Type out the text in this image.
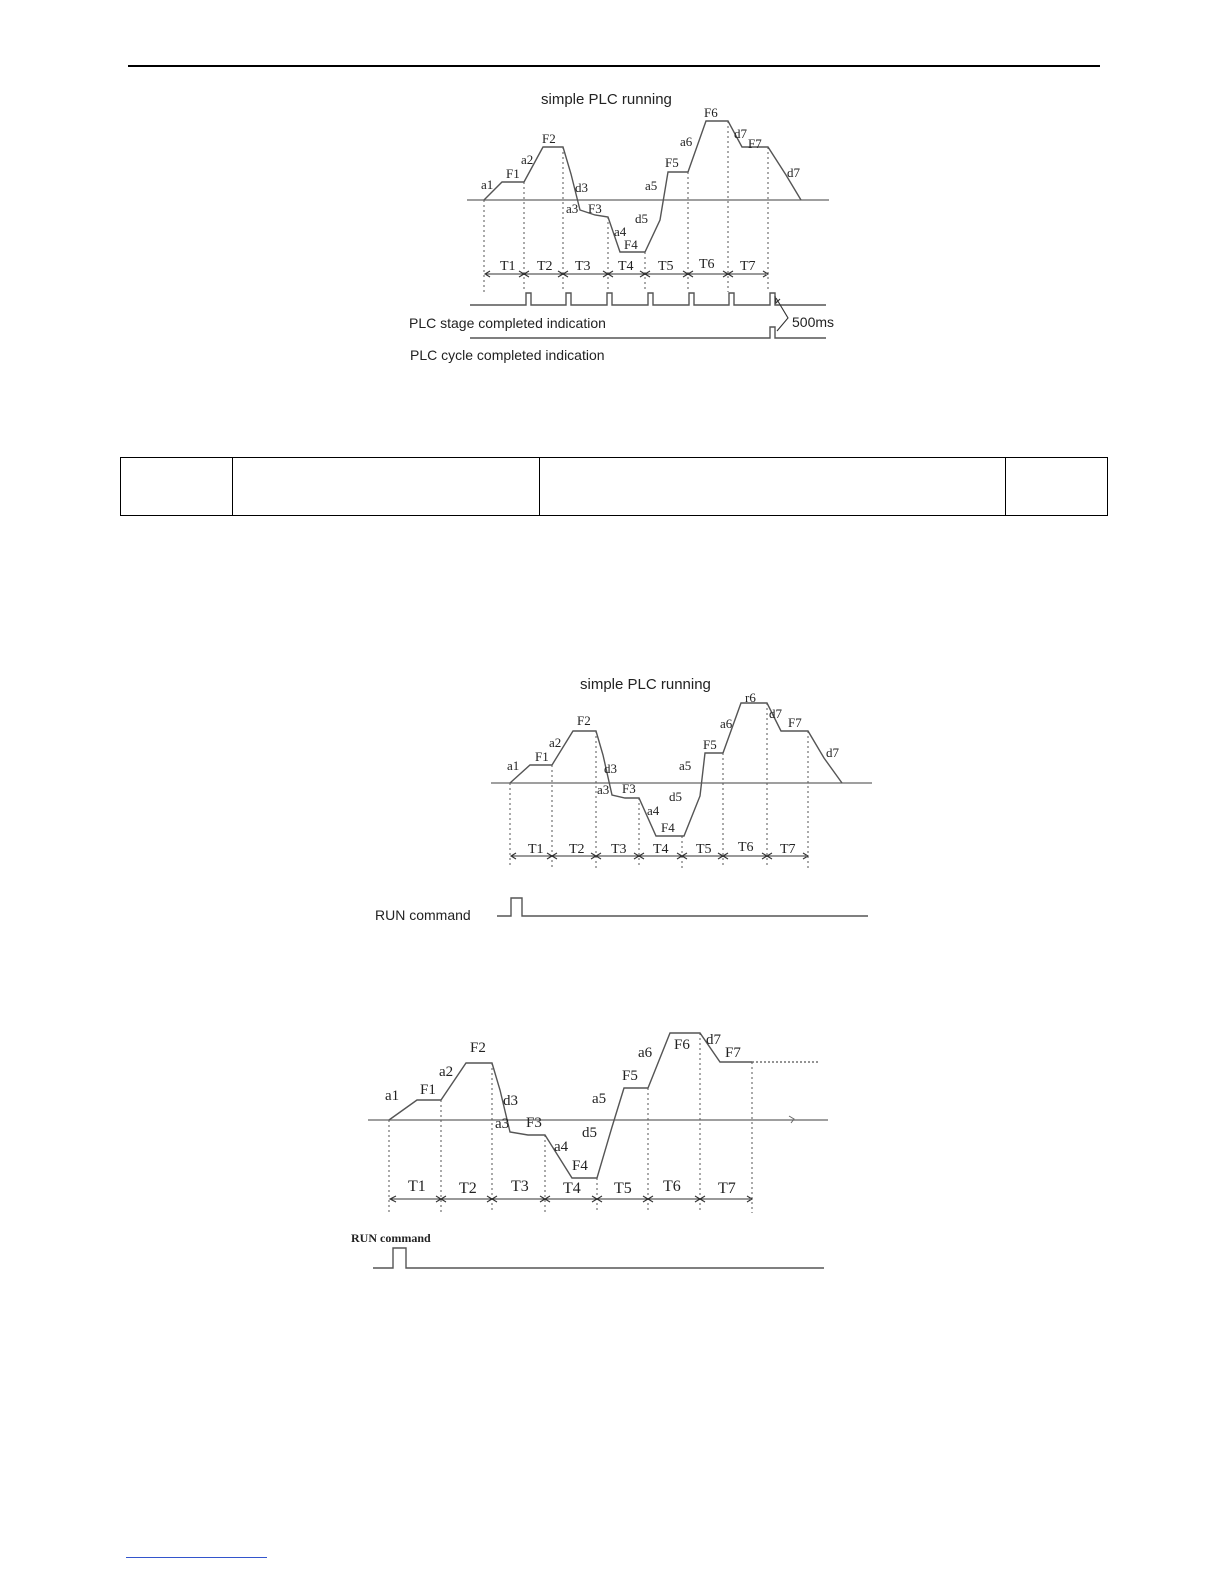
simple PLC running
T1 T2 T3 T4 T5 T6 T7
a1
F1
a2
F2
d3
a3 F3
a4
F4
d5
a5
F5
a6
F6
d7
F7
d7
PLC stage completed indication
PLC cycle completed indication
500ms

simple PLC running
T1 T2 T3 T4 T5 T6 T7
a1
F1
a2
F2
d3
a3 F3
a4
F4
d5
a5
F5
a6
r6
d7
F7
d7
RUN command
T1 T2 T3 T4 T5 T6 T7
a1 F1
a2
F2
d3
a3 F3
a4
F4
d5
a5
F5
a6 F6 d7
F7
RUN command
